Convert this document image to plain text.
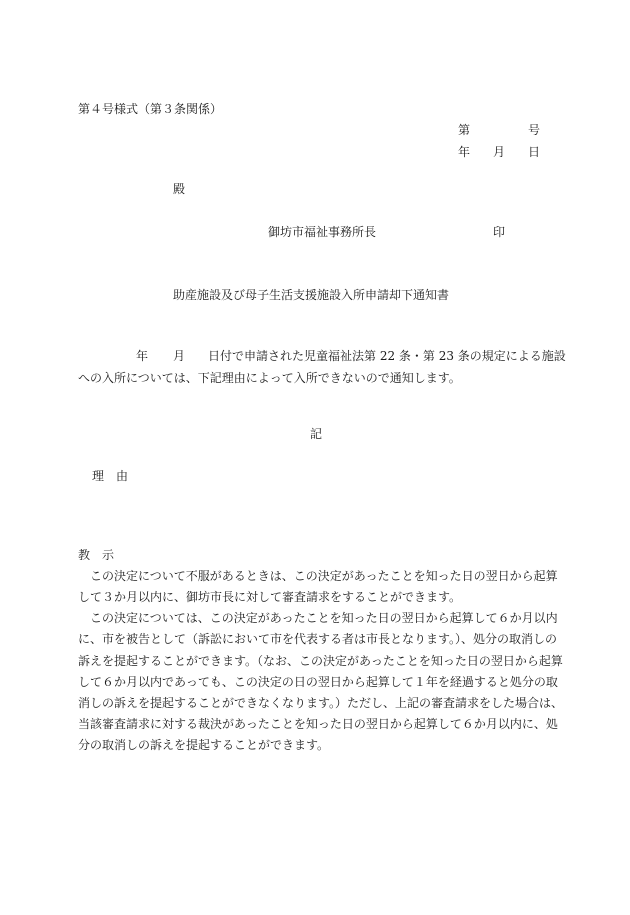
第４号様式（第３条関係）
第	号
年 月 日
殿
御坊市福祉事務所長	印
助産施設及び母子生活支援施設入所申請却下通知書
年 月 日付で申請された児童福祉法第 22 条・第 23 条の規定による施設
への入所については、下記理由によって入所できないので通知します。
記
理　由
教　示
　この決定について不服があるときは、この決定があったことを知った日の翌日から起算
して３か月以内に、御坊市長に対して審査請求をすることができます。
　この決定については、この決定があったことを知った日の翌日から起算して６か月以内
に、市を被告として（訴訟において市を代表する者は市長となります。）、処分の取消しの
訴えを提起することができます。（なお、この決定があったことを知った日の翌日から起算
して６か月以内であっても、この決定の日の翌日から起算して１年を経過すると処分の取
消しの訴えを提起することができなくなります。）ただし、上記の審査請求をした場合は、
当該審査請求に対する裁決があったことを知った日の翌日から起算して６か月以内に、処
分の取消しの訴えを提起することができます。
